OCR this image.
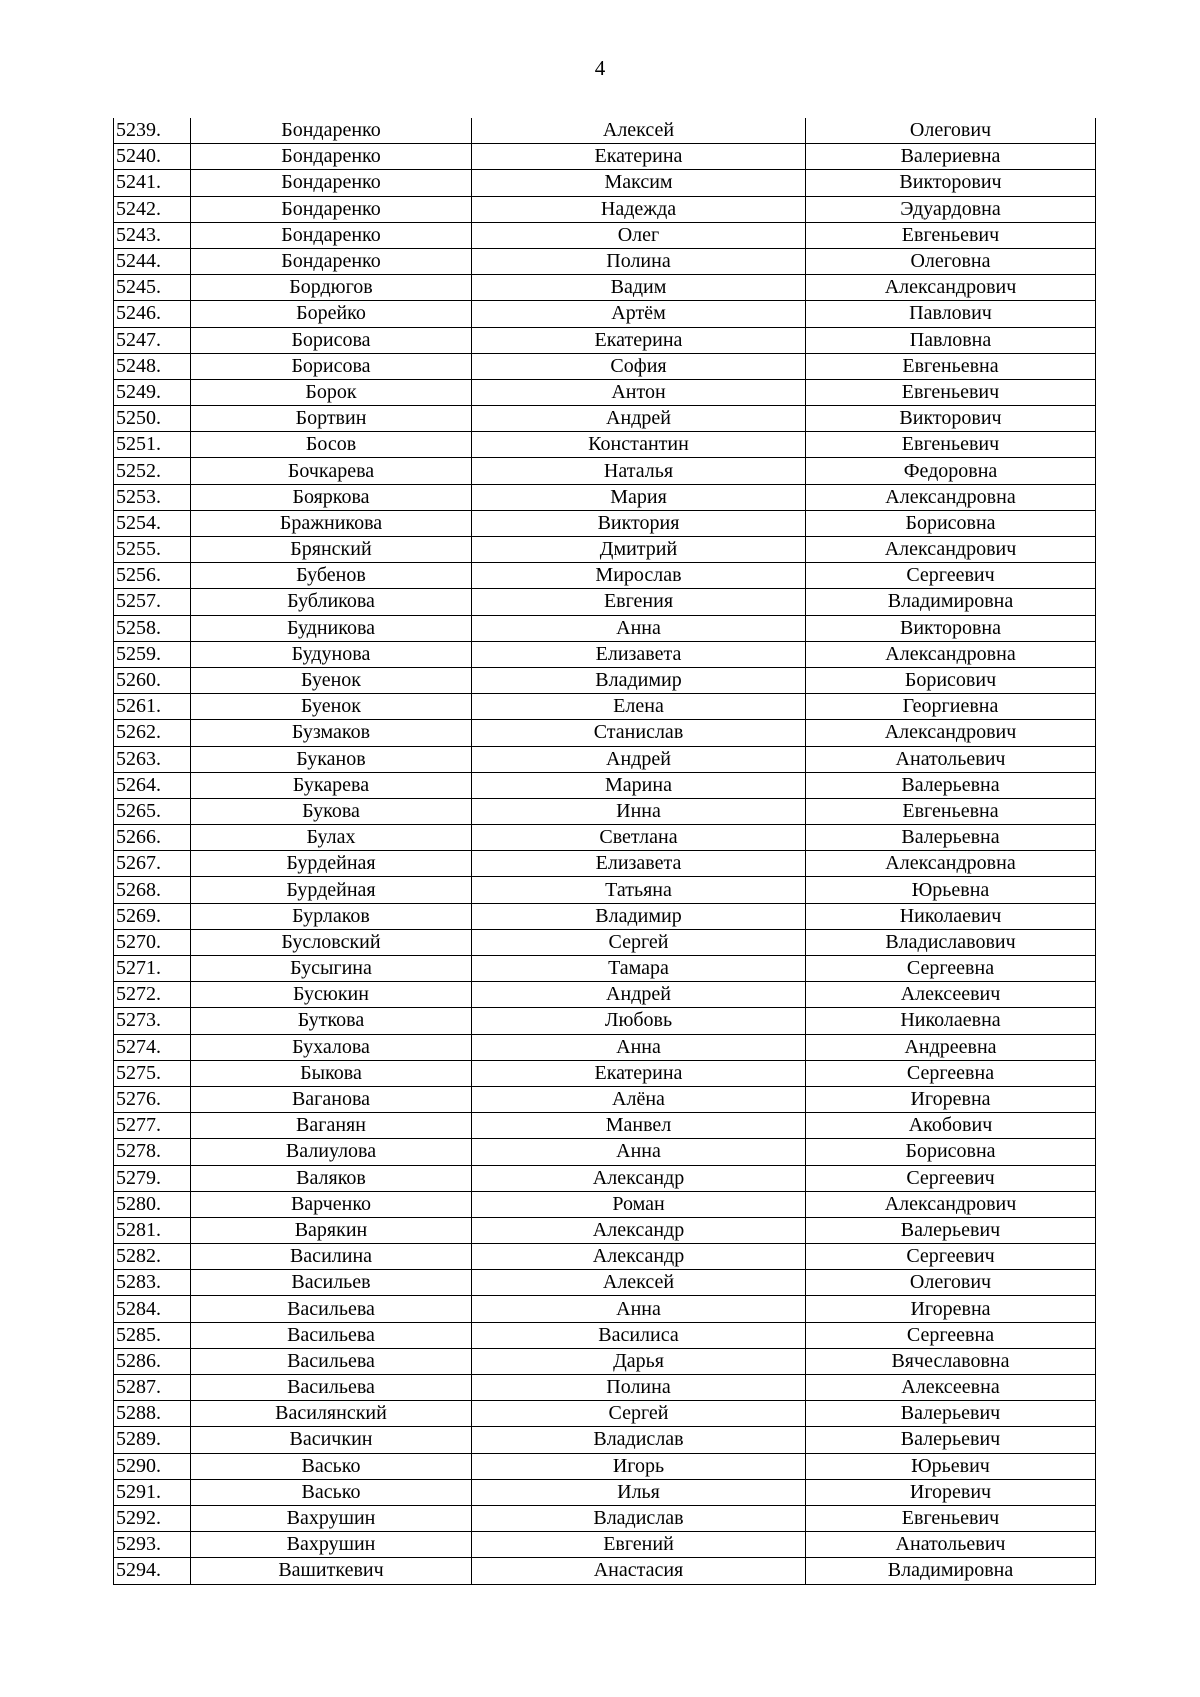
4
5239.	Бондаренко	Алексей	Олегович
5240.	Бондаренко	Екатерина	Валериевна
5241.	Бондаренко	Максим	Викторович
5242.	Бондаренко	Надежда	Эдуардовна
5243.	Бондаренко	Олег	Евгеньевич
5244.	Бондаренко	Полина	Олеговна
5245.	Бордюгов	Вадим	Александрович
5246.	Борейко	Артём	Павлович
5247.	Борисова	Екатерина	Павловна
5248.	Борисова	София	Евгеньевна
5249.	Борок	Антон	Евгеньевич
5250.	Бортвин	Андрей	Викторович
5251.	Босов	Константин	Евгеньевич
5252.	Бочкарева	Наталья	Федоровна
5253.	Бояркова	Мария	Александровна
5254.	Бражникова	Виктория	Борисовна
5255.	Брянский	Дмитрий	Александрович
5256.	Бубенов	Мирослав	Сергеевич
5257.	Бубликова	Евгения	Владимировна
5258.	Будникова	Анна	Викторовна
5259.	Будунова	Елизавета	Александровна
5260.	Буенок	Владимир	Борисович
5261.	Буенок	Елена	Георгиевна
5262.	Бузмаков	Станислав	Александрович
5263.	Буканов	Андрей	Анатольевич
5264.	Букарева	Марина	Валерьевна
5265.	Букова	Инна	Евгеньевна
5266.	Булах	Светлана	Валерьевна
5267.	Бурдейная	Елизавета	Александровна
5268.	Бурдейная	Татьяна	Юрьевна
5269.	Бурлаков	Владимир	Николаевич
5270.	Бусловский	Сергей	Владиславович
5271.	Бусыгина	Тамара	Сергеевна
5272.	Бусюкин	Андрей	Алексеевич
5273.	Буткова	Любовь	Николаевна
5274.	Бухалова	Анна	Андреевна
5275.	Быкова	Екатерина	Сергеевна
5276.	Ваганова	Алёна	Игоревна
5277.	Ваганян	Манвел	Акобович
5278.	Валиулова	Анна	Борисовна
5279.	Валяков	Александр	Сергеевич
5280.	Варченко	Роман	Александрович
5281.	Варякин	Александр	Валерьевич
5282.	Василина	Александр	Сергеевич
5283.	Васильев	Алексей	Олегович
5284.	Васильева	Анна	Игоревна
5285.	Васильева	Василиса	Сергеевна
5286.	Васильева	Дарья	Вячеславовна
5287.	Васильева	Полина	Алексеевна
5288.	Василянский	Сергей	Валерьевич
5289.	Васичкин	Владислав	Валерьевич
5290.	Васько	Игорь	Юрьевич
5291.	Васько	Илья	Игоревич
5292.	Вахрушин	Владислав	Евгеньевич
5293.	Вахрушин	Евгений	Анатольевич
5294.	Вашиткевич	Анастасия	Владимировна
